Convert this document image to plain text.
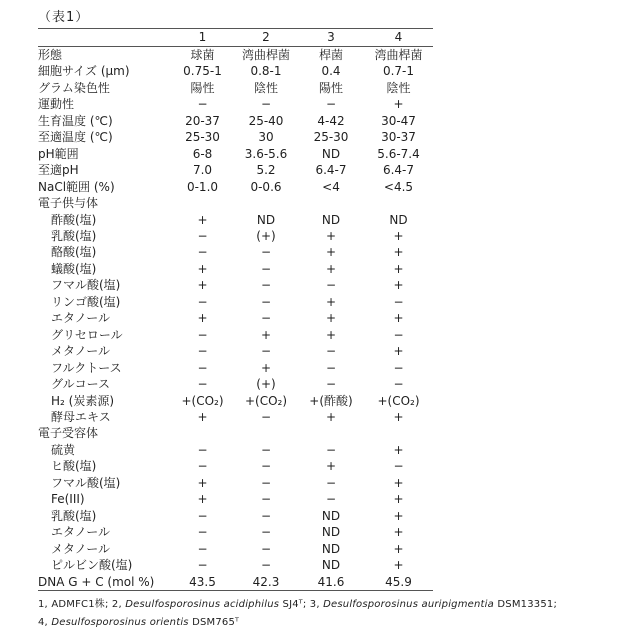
（表1）
	1	2	3	4
形態	球菌	湾曲桿菌	桿菌	湾曲桿菌
細胞サイズ (μm)	0.75-1	0.8-1	0.4	0.7-1
グラム染色性	陽性	陰性	陽性	陰性
運動性	−	−	−	+
生育温度 (℃)	20-37	25-40	4-42	30-47
至適温度 (℃)	25-30	30	25-30	30-37
pH範囲	6-8	3.6-5.6	ND	5.6-7.4
至適pH	7.0	5.2	6.4-7	6.4-7
NaCl範囲 (%)	0-1.0	0-0.6	<4	<4.5
電子供与体				
酢酸(塩)	+	ND	ND	ND
乳酸(塩)	−	(+)	+	+
酪酸(塩)	−	−	+	+
蟻酸(塩)	+	−	+	+
フマル酸(塩)	+	−	−	+
リンゴ酸(塩)	−	−	+	−
エタノール	+	−	+	+
グリセロール	−	+	+	−
メタノール	−	−	−	+
フルクトース	−	+	−	−
グルコース	−	(+)	−	−
H₂ (炭素源)	+(CO₂)	+(CO₂)	+(酢酸)	+(CO₂)
酵母エキス	+	−	+	+
電子受容体				
硫黄	−	−	−	+
ヒ酸(塩)	−	−	+	−
フマル酸(塩)	+	−	−	+
Fe(III)	+	−	−	+
乳酸(塩)	−	−	ND	+
エタノール	−	−	ND	+
メタノール	−	−	ND	+
ピルビン酸(塩)	−	−	ND	+
DNA G + C (mol %)	43.5	42.3	41.6	45.9
1, ADMFC1株; 2, Desulfosporosinus acidiphilus SJ4ᵀ; 3, Desulfosporosinus auripigmentia DSM13351;
4, Desulfosporosinus orientis DSM765ᵀ
